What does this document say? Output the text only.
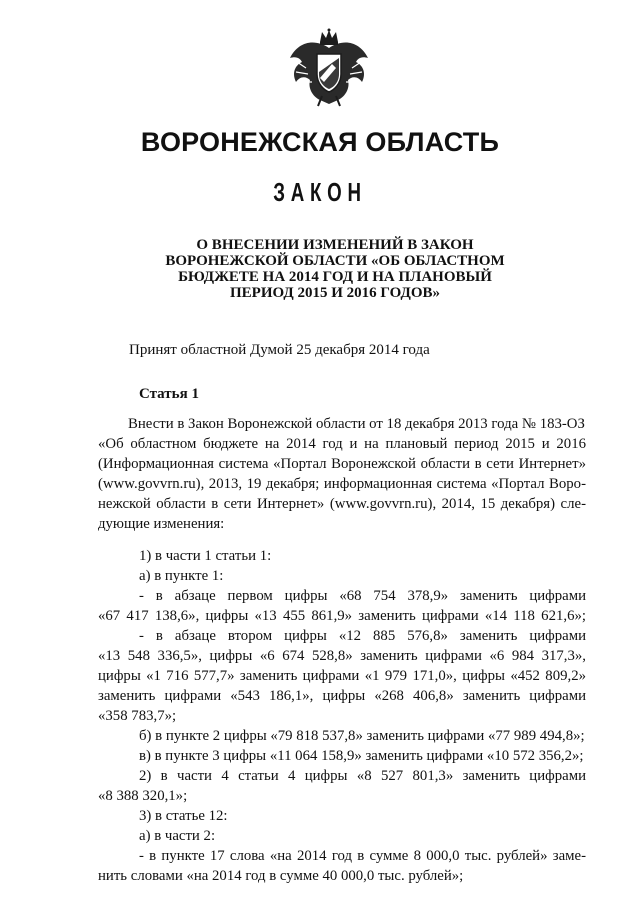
ВОРОНЕЖСКАЯ ОБЛАСТЬ
ЗАКОН
О ВНЕСЕНИИ ИЗМЕНЕНИЙ В ЗАКОН
ВОРОНЕЖСКОЙ ОБЛАСТИ «ОБ ОБЛАСТНОМ
БЮДЖЕТЕ НА 2014 ГОД И НА ПЛАНОВЫЙ
ПЕРИОД 2015 И 2016 ГОДОВ»
Принят областной Думой 25 декабря 2014 года
Статья 1
Внести в Закон Воронежской области от 18 декабря 2013 года № 183-ОЗ
«Об областном бюджете на 2014 год и на плановый период 2015 и 2016
(Информационная система «Портал Воронежской области в сети Интернет»
(www.govvrn.ru), 2013, 19 декабря; информационная система «Портал Воро-
нежской области в сети Интернет» (www.govvrn.ru), 2014, 15 декабря) сле-
дующие изменения:
1) в части 1 статьи 1:
а) в пункте 1:
- в абзаце первом цифры «68 754 378,9» заменить цифрами
«67 417 138,6», цифры «13 455 861,9» заменить цифрами «14 118 621,6»;
- в абзаце втором цифры «12 885 576,8» заменить цифрами
«13 548 336,5», цифры «6 674 528,8» заменить цифрами «6 984 317,3»,
цифры «1 716 577,7» заменить цифрами «1 979 171,0», цифры «452 809,2»
заменить цифрами «543 186,1», цифры «268 406,8» заменить цифрами
«358 783,7»;
б) в пункте 2 цифры «79 818 537,8» заменить цифрами «77 989 494,8»;
в) в пункте 3 цифры «11 064 158,9» заменить цифрами «10 572 356,2»;
2) в части 4 статьи 4 цифры «8 527 801,3» заменить цифрами
«8 388 320,1»;
3) в статье 12:
а) в части 2:
- в пункте 17 слова «на 2014 год в сумме 8 000,0 тыс. рублей» заме-
нить словами «на 2014 год в сумме 40 000,0 тыс. рублей»;
